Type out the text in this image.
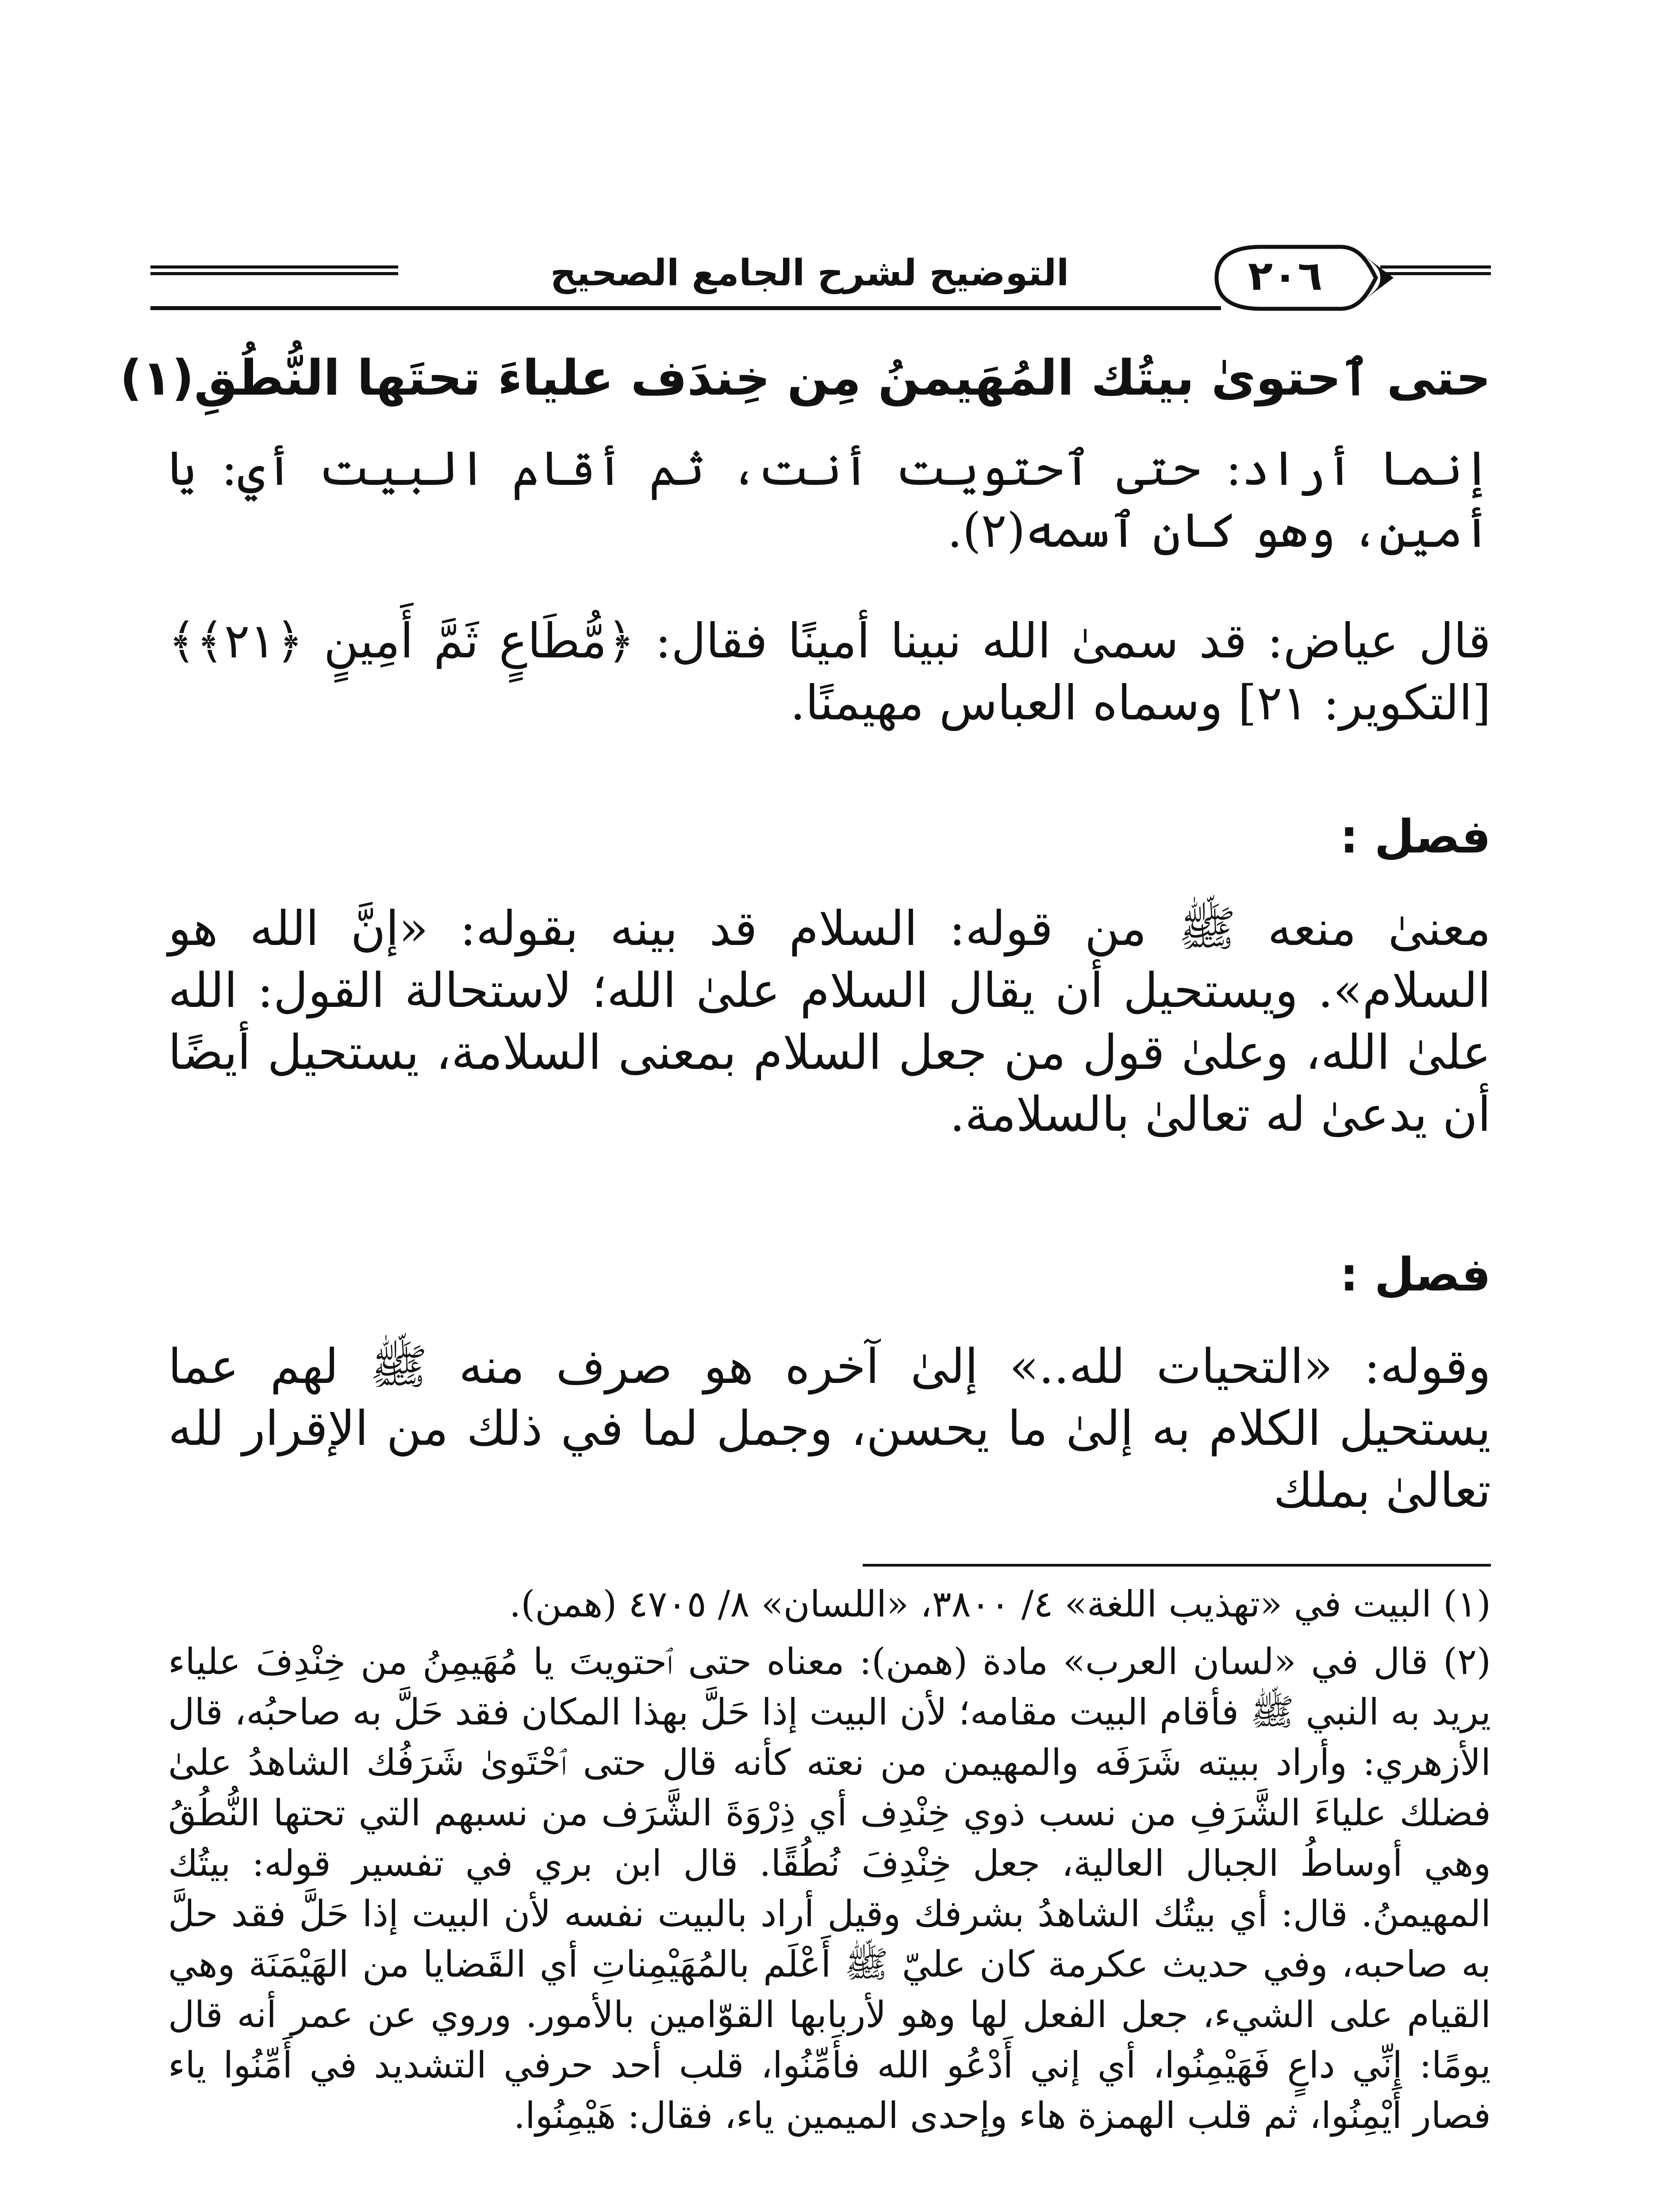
التوضيح لشرح الجامع الصحيح	٢٠٦
حتى ٱحتوىٰ بيتُك المُهَيمنُ مِن خِندَف علياءَ تحتَها النُّطُقِ(١)
إنما أراد: حتى ٱحتويت أنت، ثم أقام البيت أي: يا أمين، وهو كان ٱسمه(٢).
قال عياض: قد سمىٰ الله نبينا أمينًا فقال: ﴿مُّطَاعٍ ثَمَّ أَمِينٍ ﴿٢١﴾﴾ [التكوير: ٢١] وسماه العباس مهيمنًا.
فصل :
معنىٰ منعه ﷺ من قوله: السلام قد بينه بقوله: «إنَّ الله هو السلام». ويستحيل أن يقال السلام علىٰ الله؛ لاستحالة القول: الله علىٰ الله، وعلىٰ قول من جعل السلام بمعنى السلامة، يستحيل أيضًا أن يدعىٰ له تعالىٰ بالسلامة.
فصل :
وقوله: «التحيات لله..» إلىٰ آخره هو صرف منه ﷺ لهم عما يستحيل الكلام به إلىٰ ما يحسن، وجمل لما في ذلك من الإقرار لله تعالىٰ بملك
(١) البيت في «تهذيب اللغة» ٤/ ٣٨٠٠، «اللسان» ٨/ ٤٧٠٥ (همن).
(٢) قال في «لسان العرب» مادة (همن): معناه حتى ٱحتويتَ يا مُهَيمِنُ من خِنْدِفَ علياء يريد به النبي ﷺ فأقام البيت مقامه؛ لأن البيت إذا حَلَّ بهذا المكان فقد حَلَّ به صاحبُه، قال الأزهري: وأراد ببيته شَرَفَه والمهيمن من نعته كأنه قال حتى ٱحْتَوىٰ شَرَفُك الشاهدُ علىٰ فضلك علياءَ الشَّرَفِ من نسب ذوي خِنْدِف أي ذِرْوَةَ الشَّرَف من نسبهم التي تحتها النُّطُقُ وهي أوساطُ الجبال العالية، جعل خِنْدِفَ نُطُقًا. قال ابن بري في تفسير قوله: بيتُك المهيمنُ. قال: أي بيتُك الشاهدُ بشرفك وقيل أراد بالبيت نفسه لأن البيت إذا حَلَّ فقد حلَّ به صاحبه، وفي حديث عكرمة كان عليّ ﷺ أَعْلَم بالمُهَيْمِناتِ أي القَضايا من الهَيْمَنَة وهي القيام على الشيء، جعل الفعل لها وهو لأربابها القوّامين بالأمور. وروي عن عمر أنه قال يومًا: إنِّي داعٍ فَهَيْمِنُوا، أي إني أَدْعُو الله فأَمِّنُوا، قلب أحد حرفي التشديد في أَمِّنُوا ياء فصار أَيْمِنُوا، ثم قلب الهمزة هاء وإحدى الميمين ياء، فقال: هَيْمِنُوا.
